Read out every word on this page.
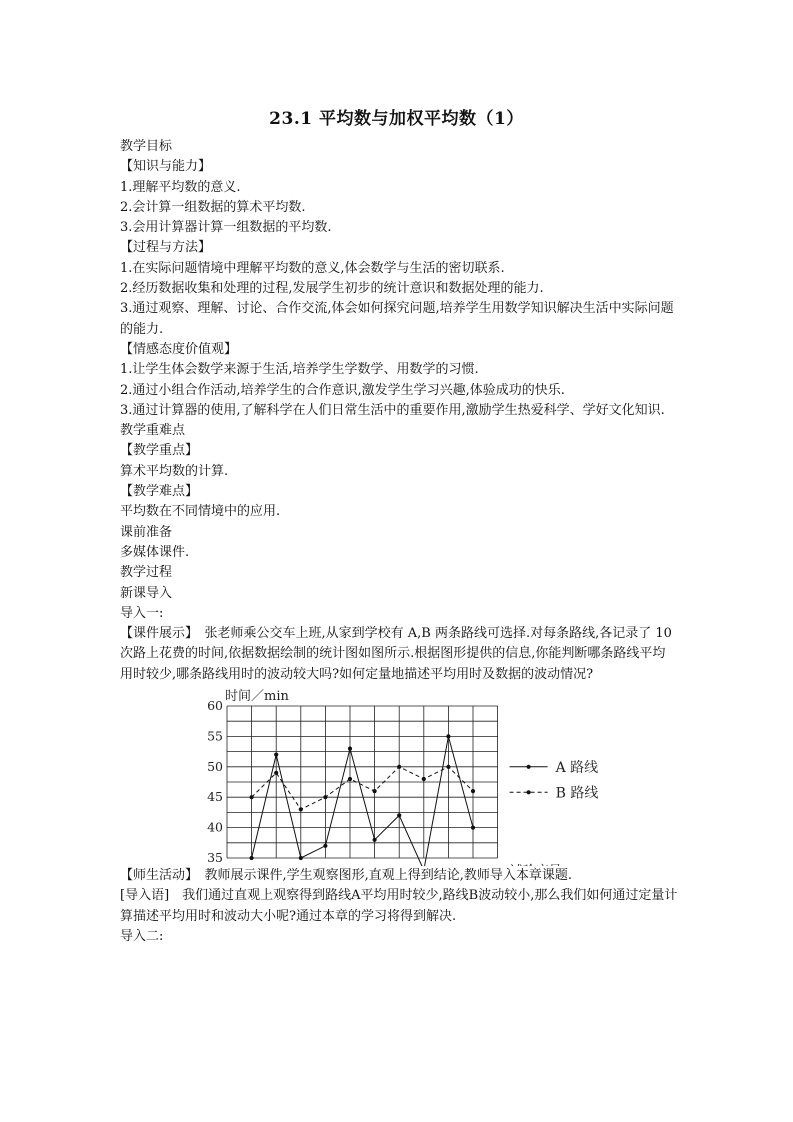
23.1 平均数与加权平均数（1）
教学目标
【知识与能力】
1.理解平均数的意义.
2.会计算一组数据的算术平均数.
3.会用计算器计算一组数据的平均数.
【过程与方法】
1.在实际问题情境中理解平均数的意义,体会数学与生活的密切联系.
2.经历数据收集和处理的过程,发展学生初步的统计意识和数据处理的能力.
3.通过观察、理解、讨论、合作交流,体会如何探究问题,培养学生用数学知识解决生活中实际问题的能力.
【情感态度价值观】
1.让学生体会数学来源于生活,培养学生学数学、用数学的习惯.
2.通过小组合作活动,培养学生的合作意识,激发学生学习兴趣,体验成功的快乐.
3.通过计算器的使用,了解科学在人们日常生活中的重要作用,激励学生热爱科学、学好文化知识.
教学重难点
【教学重点】
算术平均数的计算.
【教学难点】
平均数在不同情境中的应用.
课前准备
多媒体课件.
教学过程
新课导入
导入一:
【课件展示】　张老师乘公交车上班,从家到学校有 A,B 两条路线可选择.对每条路线,各记录了 10 次路上花费的时间,依据数据绘制的统计图如图所示.根据图形提供的信息,你能判断哪条路线平均用时较少,哪条路线用时的波动较大吗?如何定量地描述平均用时及数据的波动情况?
35
40
45
50
55
60
时间／min
A 路线
B 路线
【师生活动】　教师展示课件,学生观察图形,直观上得到结论,教师导入本章课题.
[导入语]　我们通过直观上观察得到路线A平均用时较少,路线B波动较小,那么我们如何通过定量计算描述平均用时和波动大小呢?通过本章的学习将得到解决.
导入二:
